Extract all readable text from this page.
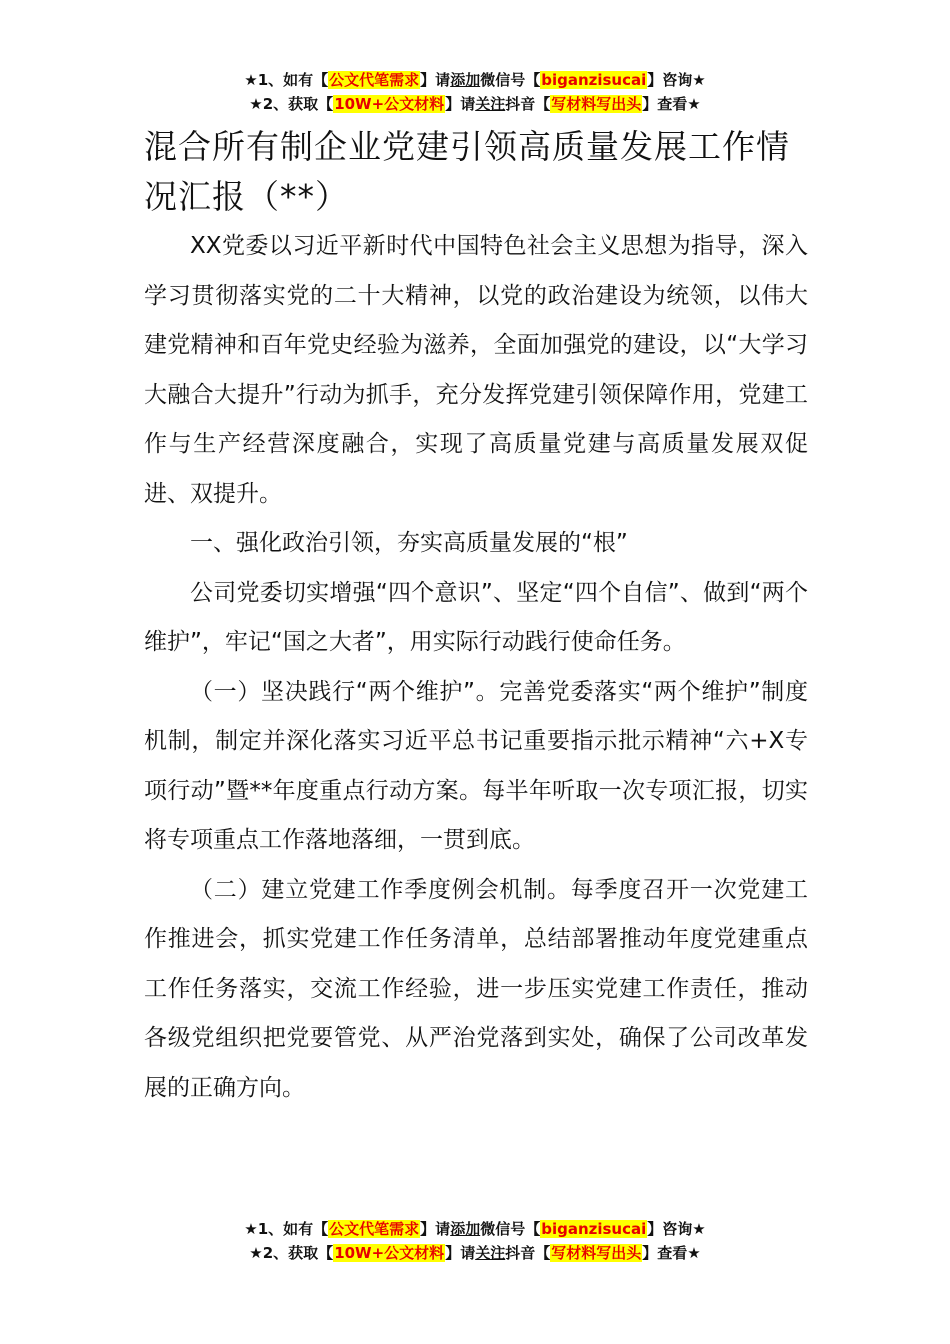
★1、如有【公文代笔需求】请添加微信号【biganzisucai】咨询★
★2、获取【10W+公文材料】请关注抖音【写材料写出头】查看★
混合所有制企业党建引领高质量发展工作情况汇报（**）

XX党委以习近平新时代中国特色社会主义思想为指导，深入学习贯彻落实党的二十大精神，以党的政治建设为统领，以伟大建党精神和百年党史经验为滋养，全面加强党的建设，以“大学习大融合大提升”行动为抓手，充分发挥党建引领保障作用，党建工作与生产经营深度融合，实现了高质量党建与高质量发展双促进、双提升。

一、强化政治引领，夯实高质量发展的“根”

公司党委切实增强“四个意识”、坚定“四个自信”、做到“两个维护”，牢记“国之大者”，用实际行动践行使命任务。

（一）坚决践行“两个维护”。完善党委落实“两个维护”制度机制，制定并深化落实习近平总书记重要指示批示精神“六+X专项行动”暨**年度重点行动方案。每半年听取一次专项汇报，切实将专项重点工作落地落细，一贯到底。

（二）建立党建工作季度例会机制。每季度召开一次党建工作推进会，抓实党建工作任务清单，总结部署推动年度党建重点工作任务落实，交流工作经验，进一步压实党建工作责任，推动各级党组织把党要管党、从严治党落到实处，确保了公司改革发展的正确方向。

★1、如有【公文代笔需求】请添加微信号【biganzisucai】咨询★
★2、获取【10W+公文材料】请关注抖音【写材料写出头】查看★
